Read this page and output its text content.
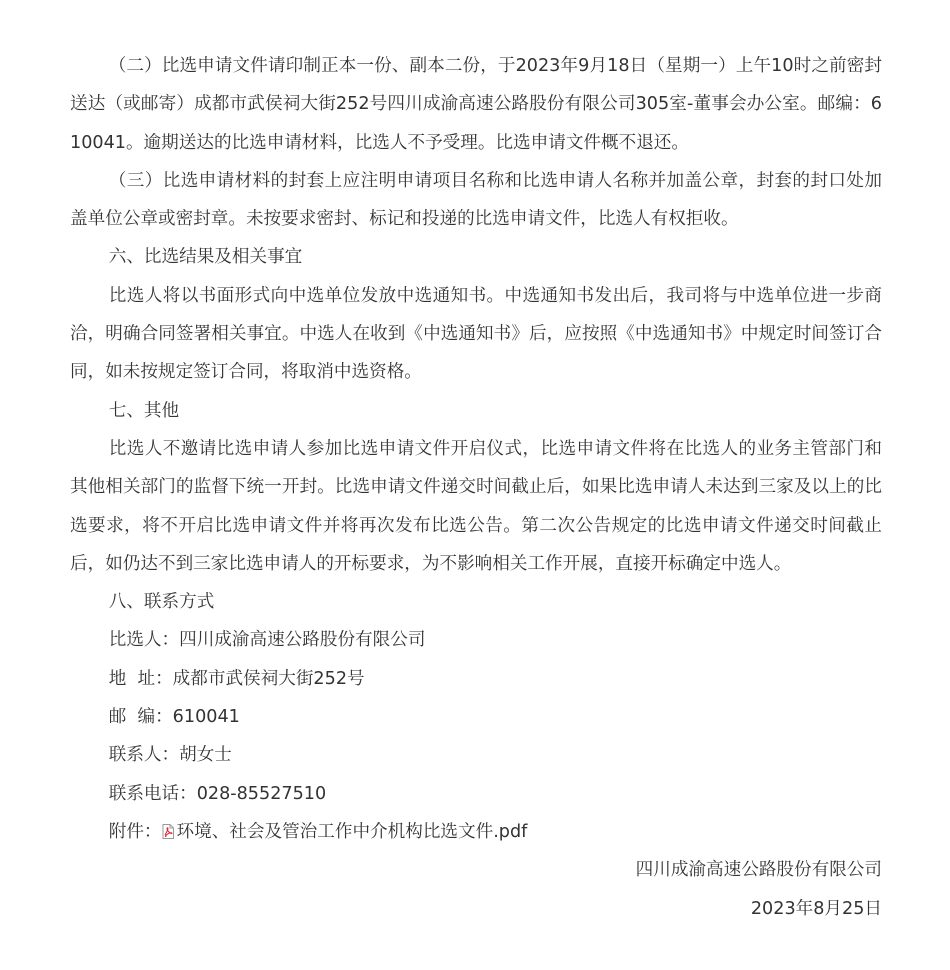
（二）比选申请文件请印制正本一份、副本二份，于2023年9月18日（星期一）上午10时之前密封送达（或邮寄）成都市武侯祠大街252号四川成渝高速公路股份有限公司305室-董事会办公室。邮编：610041。逾期送达的比选申请材料，比选人不予受理。比选申请文件概不退还。

（三）比选申请材料的封套上应注明申请项目名称和比选申请人名称并加盖公章，封套的封口处加盖单位公章或密封章。未按要求密封、标记和投递的比选申请文件，比选人有权拒收。

六、比选结果及相关事宜

比选人将以书面形式向中选单位发放中选通知书。中选通知书发出后，我司将与中选单位进一步商洽，明确合同签署相关事宜。中选人在收到《中选通知书》后，应按照《中选通知书》中规定时间签订合同，如未按规定签订合同，将取消中选资格。

七、其他

比选人不邀请比选申请人参加比选申请文件开启仪式，比选申请文件将在比选人的业务主管部门和其他相关部门的监督下统一开封。比选申请文件递交时间截止后，如果比选申请人未达到三家及以上的比选要求，将不开启比选申请文件并将再次发布比选公告。第二次公告规定的比选申请文件递交时间截止后，如仍达不到三家比选申请人的开标要求，为不影响相关工作开展，直接开标确定中选人。

八、联系方式

比选人：四川成渝高速公路股份有限公司

地  址：成都市武侯祠大街252号

邮  编：610041

联系人：胡女士

联系电话：028-85527510

附件： 环境、社会及管治工作中介机构比选文件.pdf

四川成渝高速公路股份有限公司

2023年8月25日
